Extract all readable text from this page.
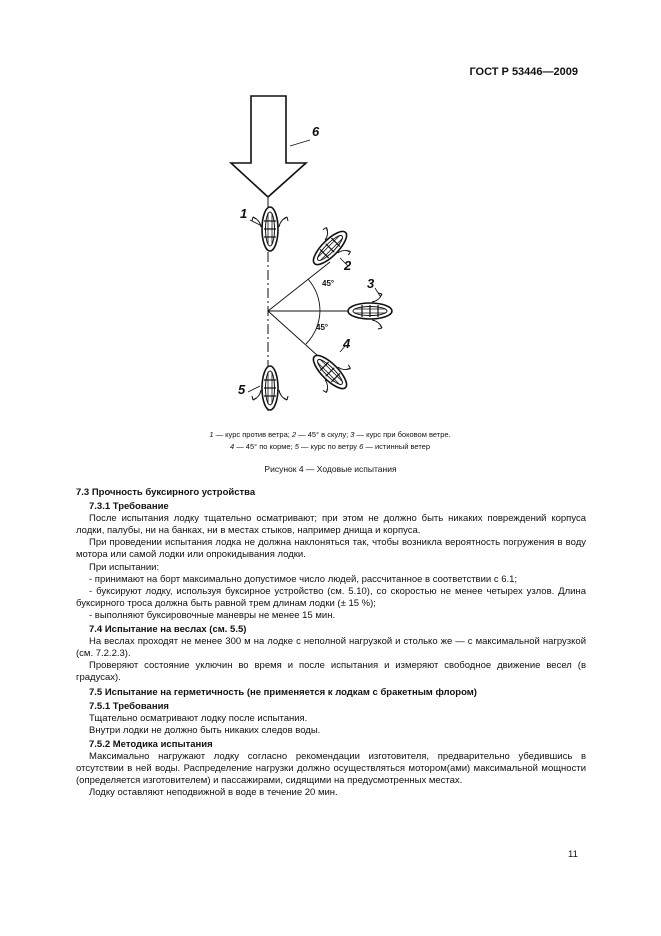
ГОСТ Р 53446—2009
45°
45°
1
2
3
4
5
6
1 — курс против ветра; 2 — 45° в скулу; 3 — курс при боковом ветре.
4 — 45° по корме; 5 — курс по ветру 6 — истинный ветер
Рисунок 4 — Ходовые испытания
7.3 Прочность буксирного устройства
7.3.1 Требование

После испытания лодку тщательно осматривают; при этом не должно быть никаких повреждений корпуса лодки, палубы, ни на банках, ни в местах стыков, например днища и корпуса.

При проведении испытания лодка не должна наклоняться так, чтобы возникла вероятность погружения в воду мотора или самой лодки или опрокидывания лодки.

При испытании:

- принимают на борт максимально допустимое число людей, рассчитанное в соответствии с 6.1;

- буксируют лодку, используя буксирное устройство (см. 5.10), со скоростью не менее четырех узлов. Длина буксирного троса должна быть равной трем длинам лодки (± 15 %);

- выполняют буксировочные маневры не менее 15 мин.

7.4 Испытание на веслах (см. 5.5)

На веслах проходят не менее 300 м на лодке с неполной нагрузкой и столько же — с максимальной нагрузкой (см. 7.2.2.3).

Проверяют состояние уключин во время и после испытания и измеряют свободное движение весел (в градусах).

7.5 Испытание на герметичность (не применяется к лодкам с бракетным флором)
7.5.1 Требования

Тщательно осматривают лодку после испытания.

Внутри лодки не должно быть никаких следов воды.

7.5.2 Методика испытания

Максимально нагружают лодку согласно рекомендации изготовителя, предварительно убедившись в отсутствии в ней воды. Распределение нагрузки должно осуществляться мотором(ами) максимальной мощности (определяется изготовителем) и пассажирами, сидящими на предусмотренных местах.

Лодку оставляют неподвижной в воде в течение 20 мин.

11
